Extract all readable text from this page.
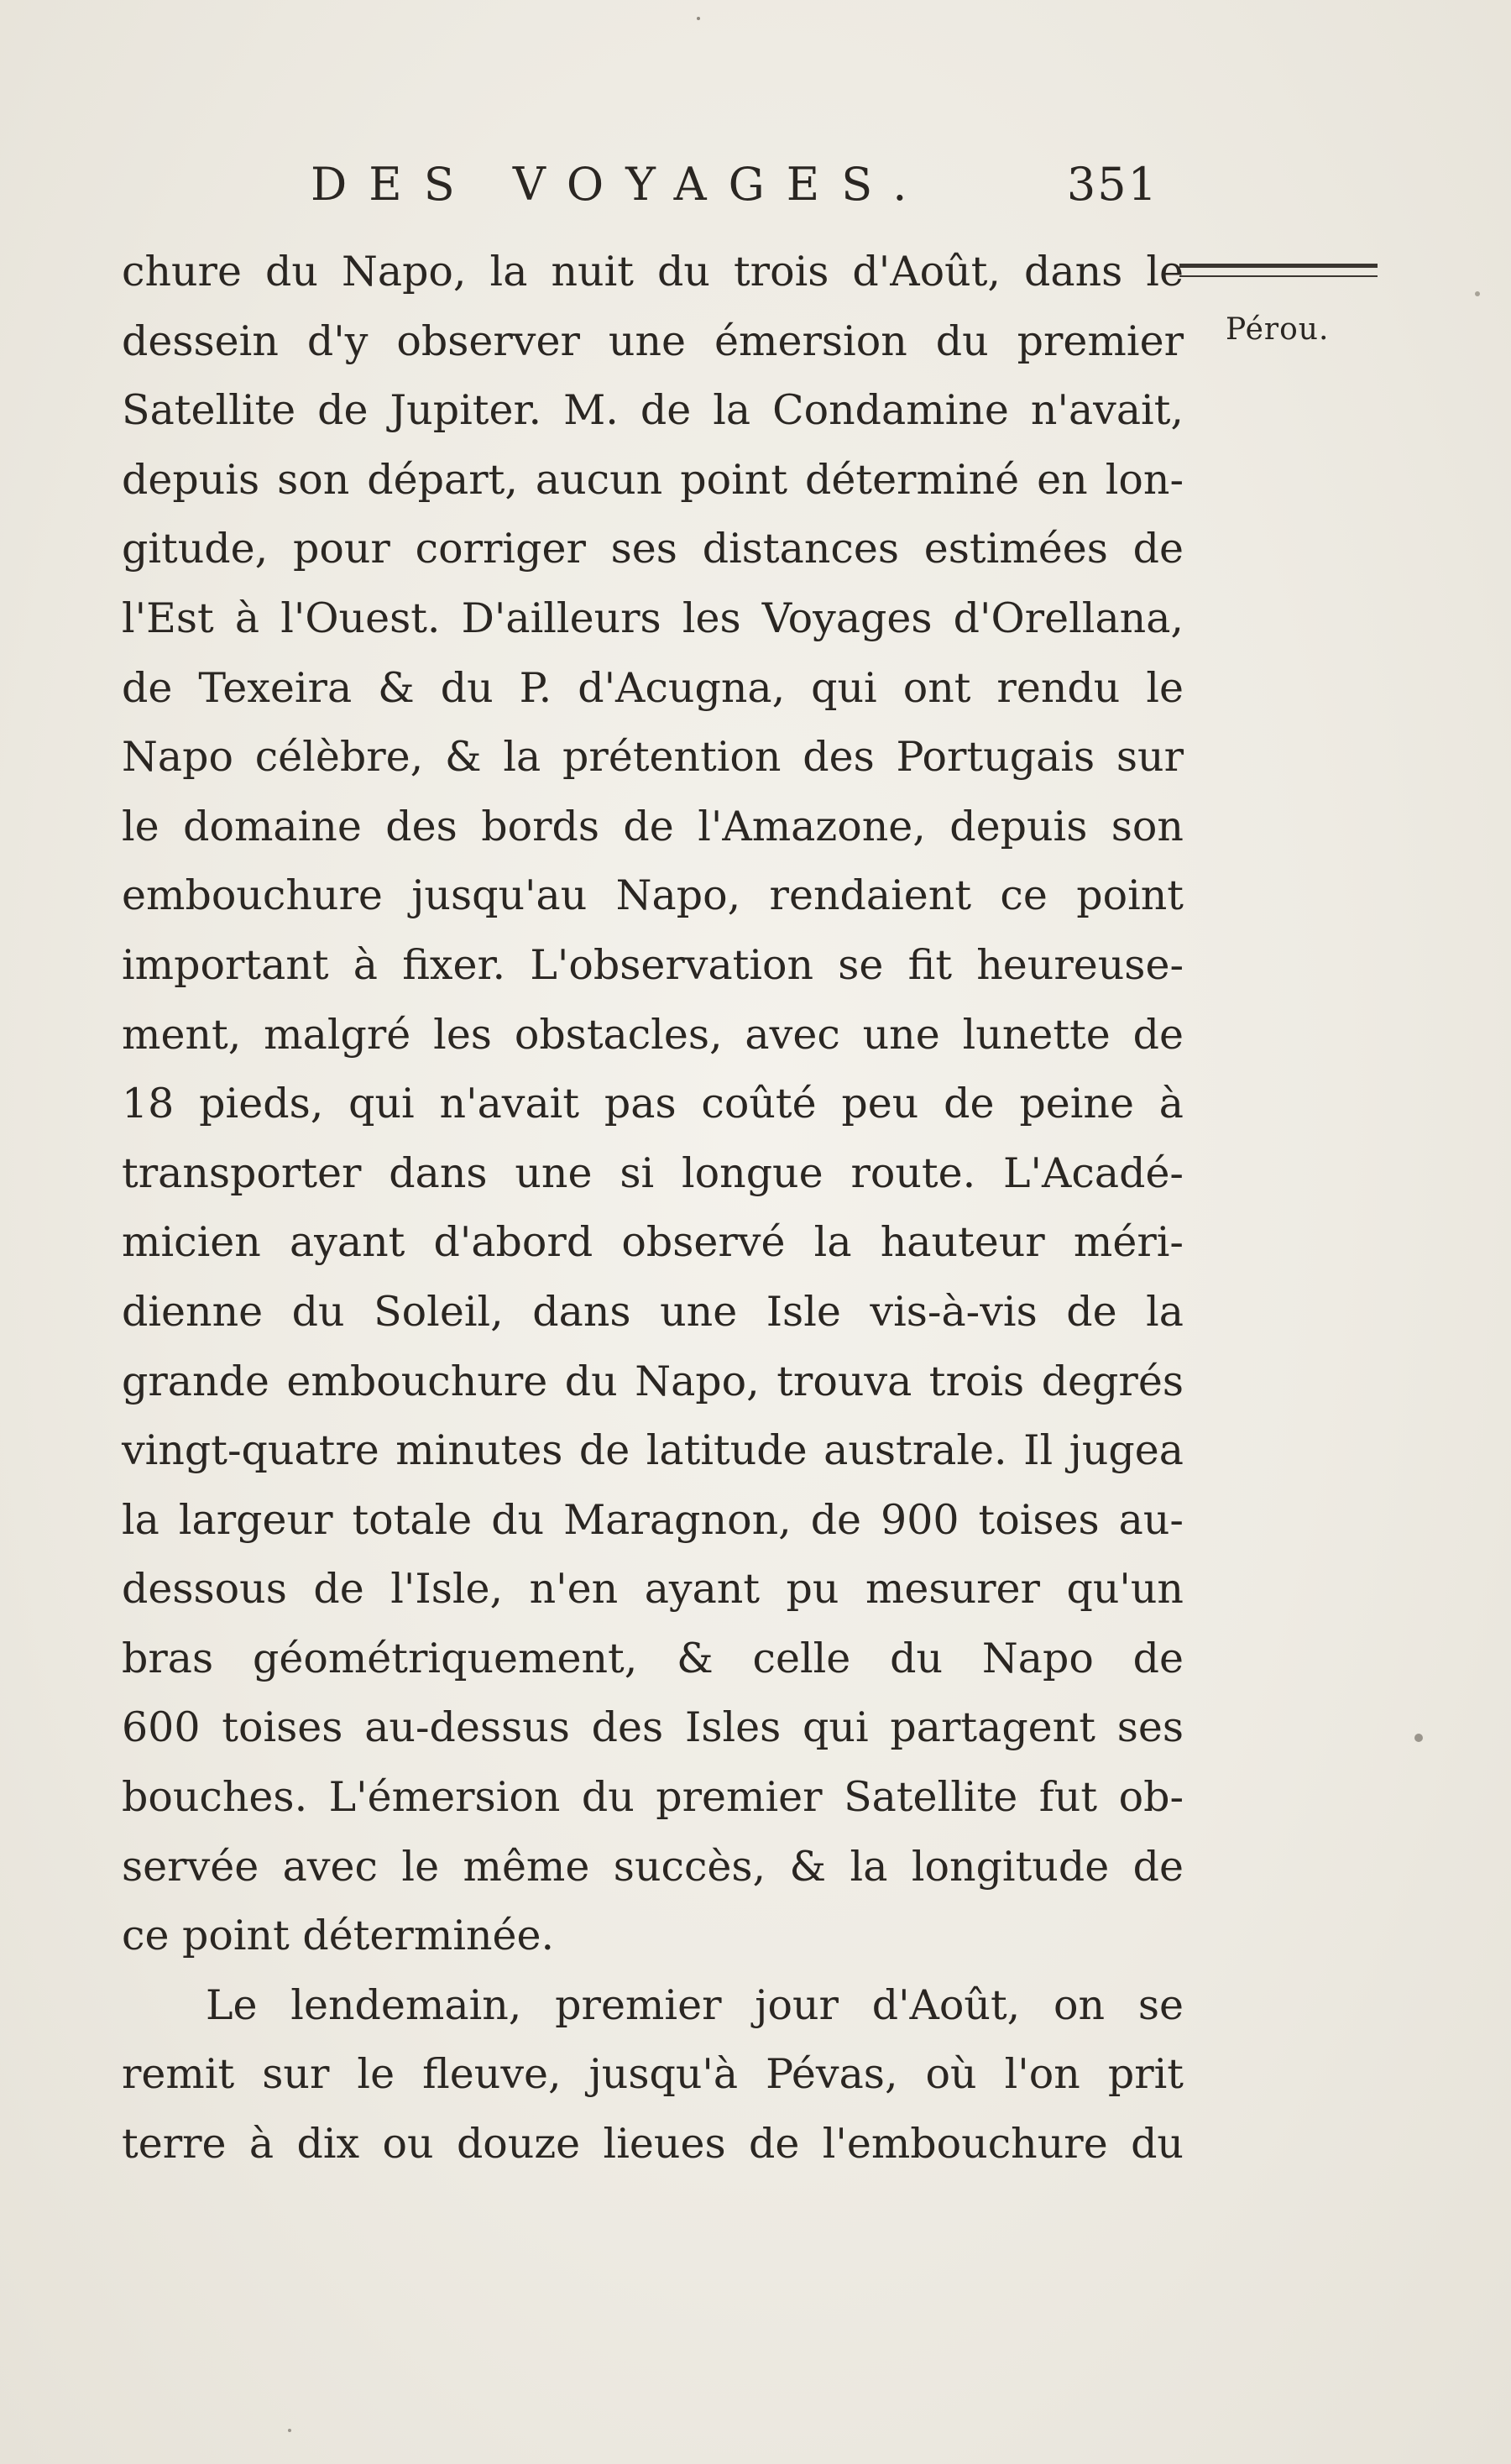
DES VOYAGES.	351
Pérou.
chure du Napo, la nuit du trois d'Août, dans le
dessein d'y observer une émersion du premier
Satellite de Jupiter. M. de la Condamine n'avait,
depuis son départ, aucun point déterminé en lon-
gitude, pour corriger ses distances estimées de
l'Est à l'Ouest. D'ailleurs les Voyages d'Orellana,
de Texeira & du P. d'Acugna, qui ont rendu le
Napo célèbre, & la prétention des Portugais sur
le domaine des bords de l'Amazone, depuis son
embouchure jusqu'au Napo, rendaient ce point
important à fixer. L'observation se fit heureuse-
ment, malgré les obstacles, avec une lunette de
18 pieds, qui n'avait pas coûté peu de peine à
transporter dans une si longue route. L'Acadé-
micien ayant d'abord observé la hauteur méri-
dienne du Soleil, dans une Isle vis-à-vis de la
grande embouchure du Napo, trouva trois degrés
vingt-quatre minutes de latitude australe. Il jugea
la largeur totale du Maragnon, de 900 toises au-
dessous de l'Isle, n'en ayant pu mesurer qu'un
bras géométriquement, & celle du Napo de
600 toises au-dessus des Isles qui partagent ses
bouches. L'émersion du premier Satellite fut ob-
servée avec le même succès, & la longitude de
ce point déterminée.
Le lendemain, premier jour d'Août, on se
remit sur le fleuve, jusqu'à Pévas, où l'on prit
terre à dix ou douze lieues de l'embouchure du
